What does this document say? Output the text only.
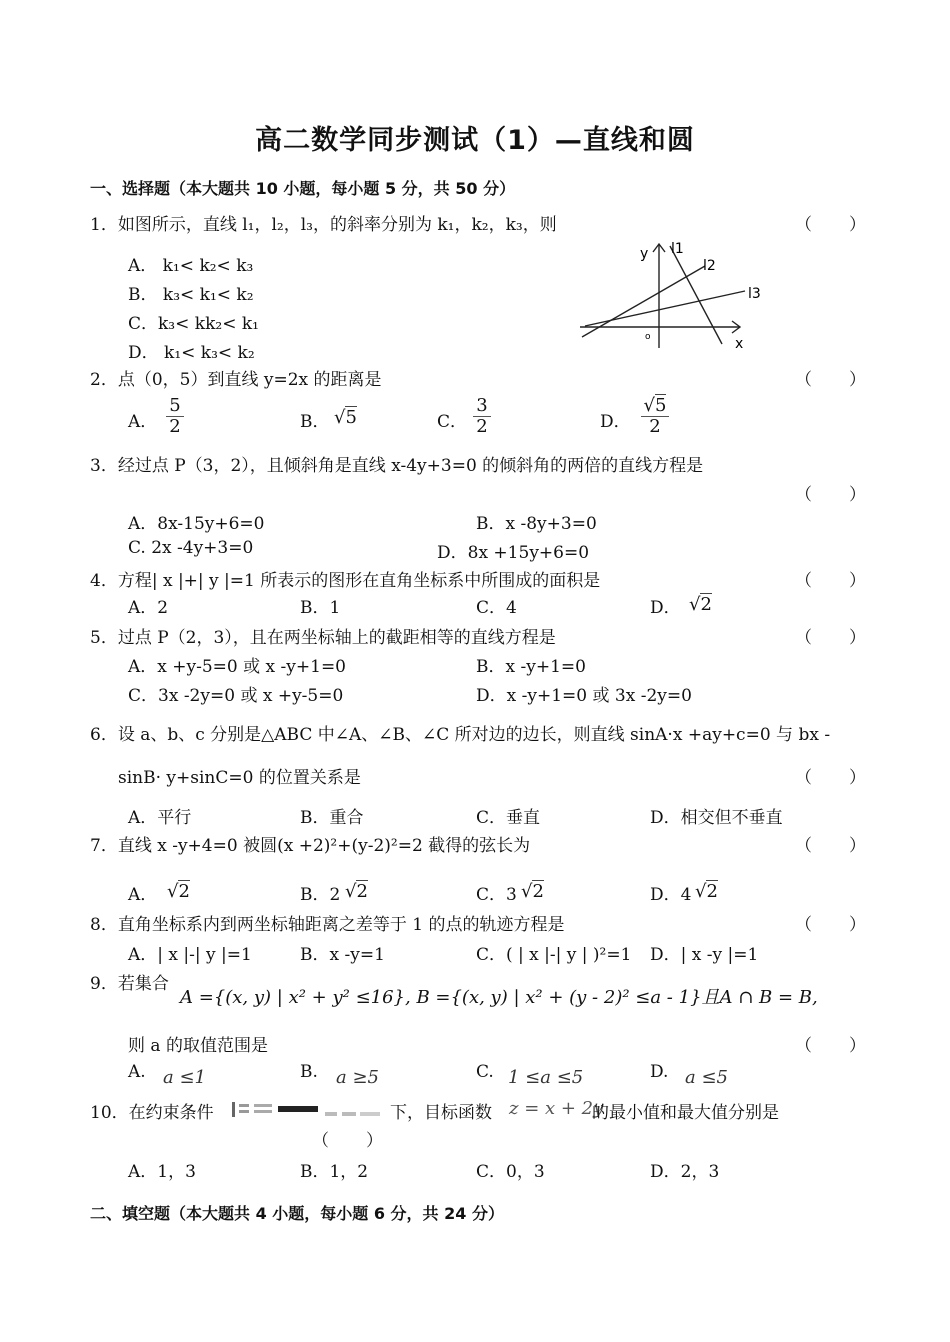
高二数学同步测试（1）—直线和圆
一、选择题（本大题共 10 小题，每小题 5 分，共 50 分）
1．如图所示，直线 l₁，l₂，l₃，的斜率分别为 k₁，k₂，k₃，则	（　）
A． k₁< k₂< k₃
B． k₃< k₁< k₂
C．k₃< kk₂< k₁
D． k₁< k₃< k₂
y
x
o
l1
l2
l3
2．点（0，5）到直线 y=2x 的距离是	（　）
A．
5
2	B． √5	C．
3
2	D．
√5
2
3．经过点 P（3，2），且倾斜角是直线 x-4y+3=0 的倾斜角的两倍的直线方程是
（　）
A．8x-15y+6=0	B．x -8y+3=0
C. 2x -4y+3=0	D．8x +15y+6=0
4．方程| x |+| y |=1 所表示的图形在直角坐标系中所围成的面积是	（　）
A．2	B．1	C．4	D． √2
5．过点 P（2，3），且在两坐标轴上的截距相等的直线方程是	（　）
A．x +y-5=0 或 x -y+1=0	B．x -y+1=0
C．3x -2y=0 或 x +y-5=0	D．x -y+1=0 或 3x -2y=0
6．设 a、b、c 分别是△ABC 中∠A、∠B、∠C 所对边的边长，则直线 sinA·x +ay+c=0 与 bx -
sinB· y+sinC=0 的位置关系是	（　）
A．平行	B．重合	C．垂直	D．相交但不垂直
7．直线 x -y+4=0 被圆(x +2)²+(y-2)²=2 截得的弦长为	（　）
A． √2	B．2 √2	C．3 √2	D．4 √2
8．直角坐标系内到两坐标轴距离之差等于 1 的点的轨迹方程是	（　）
A．| x |-| y |=1	B．x -y=1	C．( | x |-| y | )²=1 D．| x -y |=1
9．若集合
A ={(x, y) | x² + y² ≤16}, B ={(x, y) | x² + (y - 2)² ≤a - 1}且A ∩ B = B,
则 a 的取值范围是	（　）
A. a ≤1	B. a ≥5	C. 1 ≤a ≤5	D. a ≤5
10．在约束条件	下，目标函数 z = x + 2y
的最小值和最大值分别是
（　）
A．1，3	B．1，2	C．0，3	D．2，3
二、填空题（本大题共 4 小题，每小题 6 分，共 24 分）
